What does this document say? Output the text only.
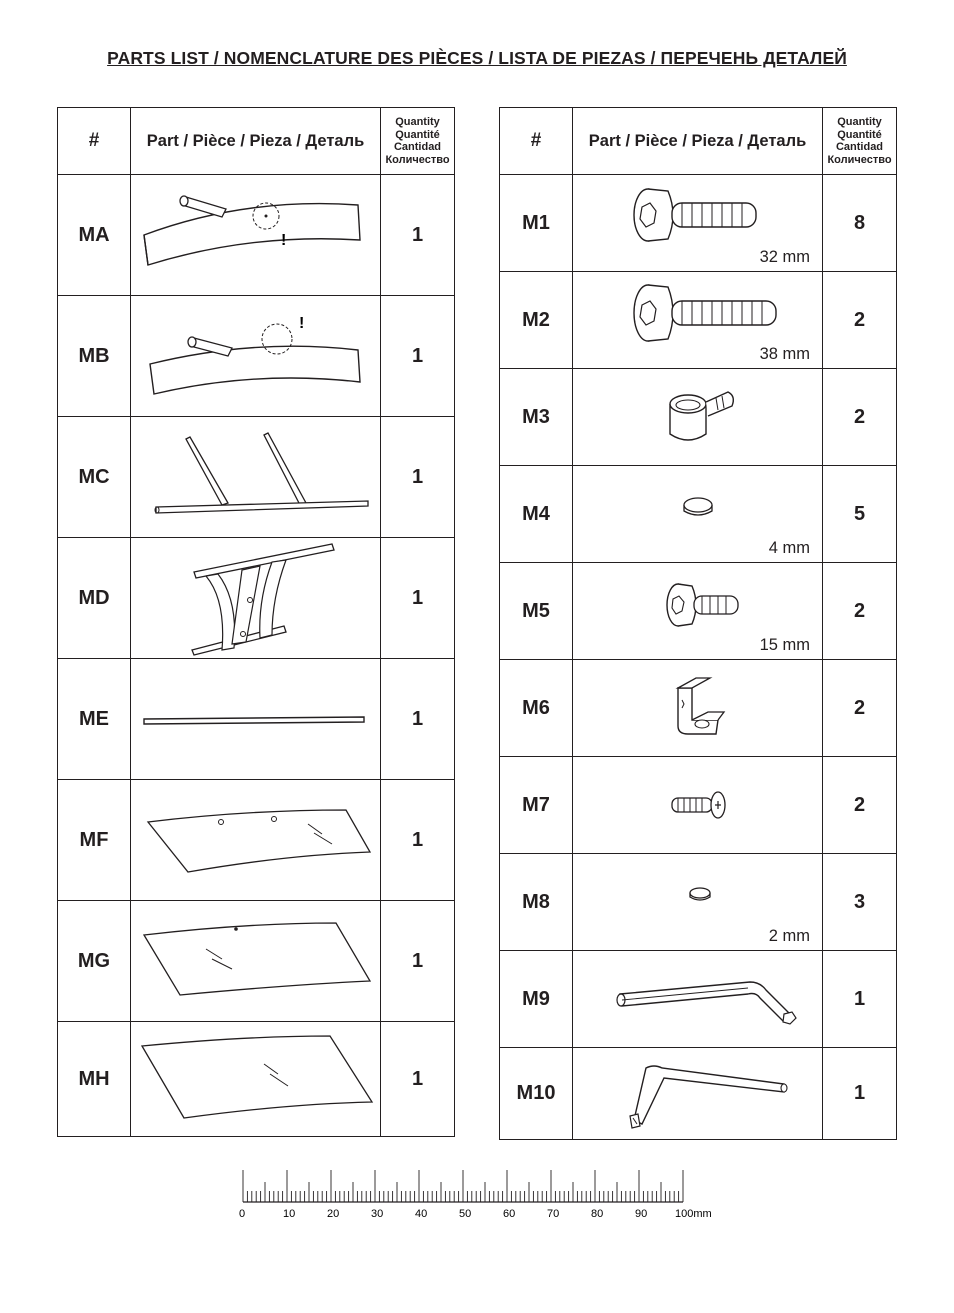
PARTS LIST / NOMENCLATURE DES PIÈCES / LISTA DE PIEZAS / ПЕРЕЧЕНЬ ДЕТАЛЕЙ
#	Part / Pièce / Pieza / Деталь	Quantity
Quantité
Cantidad
Количество

MA	!	1
MB	!	1
MC		1
MD		1
ME		1
MF		1
MG		1
MH		1
#	Part / Pièce / Pieza / Деталь	Quantity
Quantité
Cantidad
Количество

M1	32 mm	8
M2	38 mm	2
M3		2
M4	4 mm	5
M5	15 mm	2
M6		2
M7		2
M8	2 mm	3
M9		1
M10		1
0	10	20	30	40	50	60	70	80	90	100mm
